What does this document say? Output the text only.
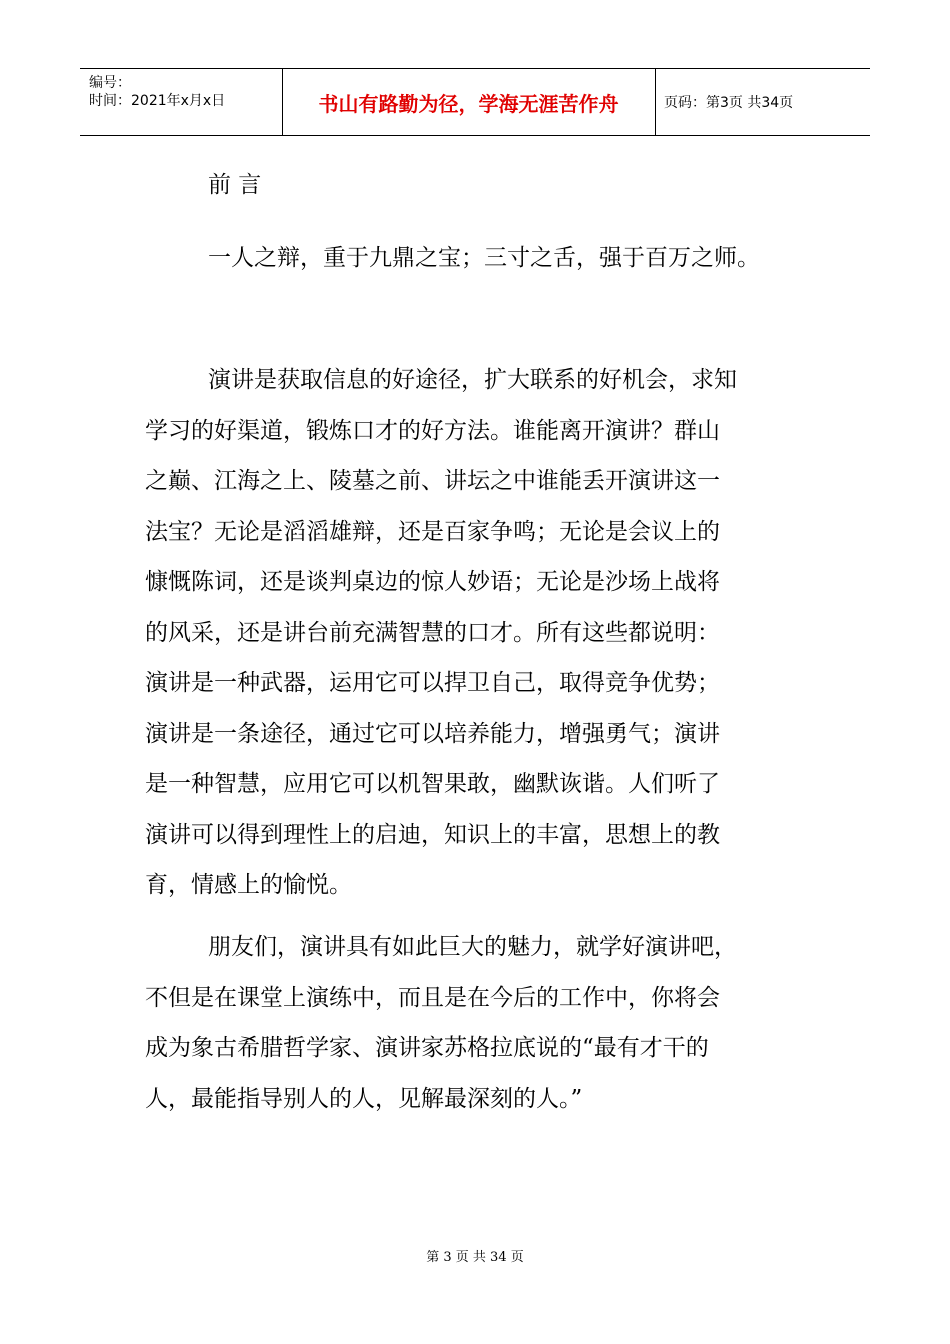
编号：
时间：2021年x月x日	书山有路勤为径，学海无涯苦作舟	页码：第3页 共34页
前 言
一人之辩，重于九鼎之宝；三寸之舌，强于百万之师。
演讲是获取信息的好途径，扩大联系的好机会，求知
学习的好渠道，锻炼口才的好方法。谁能离开演讲？群山
之巅、江海之上、陵墓之前、讲坛之中谁能丢开演讲这一
法宝？无论是滔滔雄辩，还是百家争鸣；无论是会议上的
慷慨陈词，还是谈判桌边的惊人妙语；无论是沙场上战将
的风采，还是讲台前充满智慧的口才。所有这些都说明：
演讲是一种武器，运用它可以捍卫自己，取得竞争优势；
演讲是一条途径，通过它可以培养能力，增强勇气；演讲
是一种智慧，应用它可以机智果敢，幽默诙谐。人们听了
演讲可以得到理性上的启迪，知识上的丰富，思想上的教
育，情感上的愉悦。
朋友们，演讲具有如此巨大的魅力，就学好演讲吧，
不但是在课堂上演练中，而且是在今后的工作中，你将会
成为象古希腊哲学家、演讲家苏格拉底说的“最有才干的
人，最能指导别人的人，见解最深刻的人。”
第 3 页 共 34 页
